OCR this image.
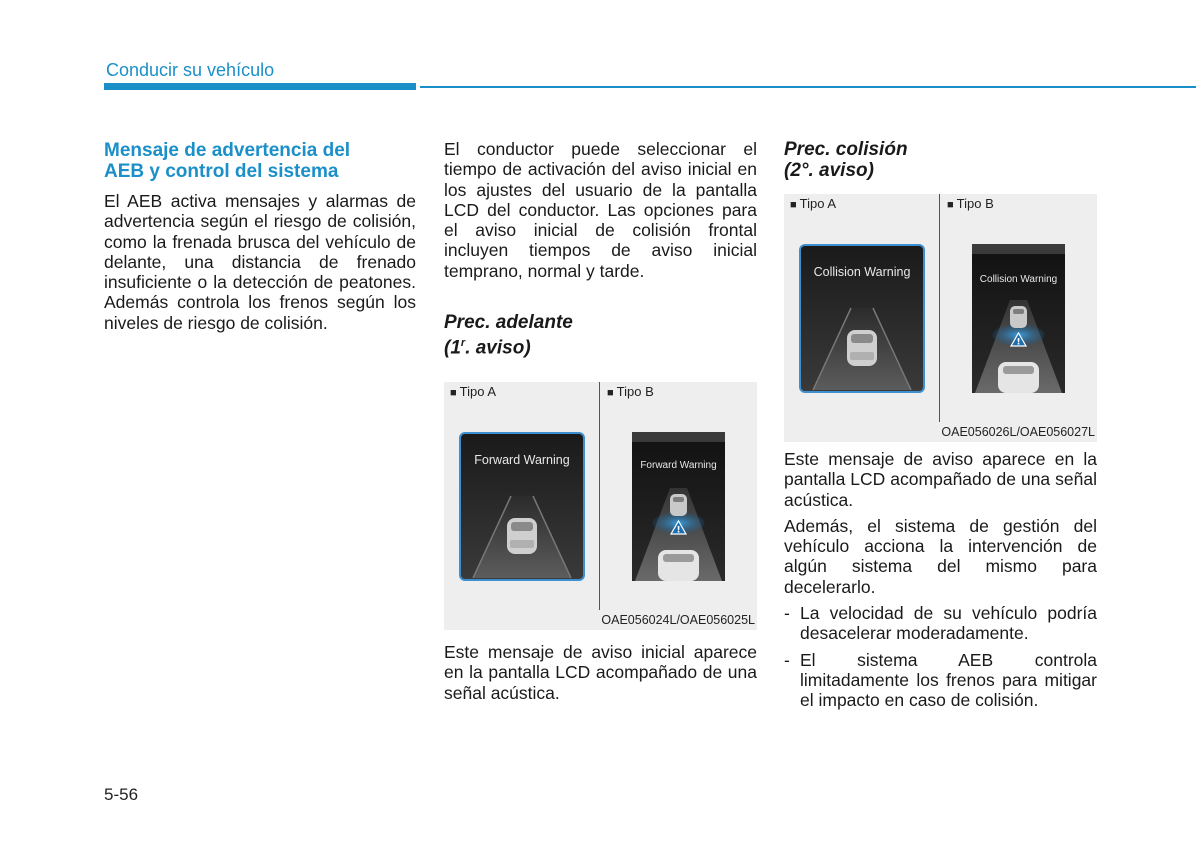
Conducir su vehículo
Mensaje de advertencia del
AEB y control del sistema

El AEB activa mensajes y alarmas de advertencia según el riesgo de colisión, como la frenada brusca del vehículo de delante, una distancia de frenado insuficiente o la detección de peatones. Además controla los frenos según los niveles de riesgo de colisión.

El conductor puede seleccionar el tiempo de activación del aviso inicial en los ajustes del usuario de la pantalla LCD del conductor. Las opciones para el aviso inicial de colisión frontal incluyen tiempos de aviso inicial temprano, normal y tarde.

Prec. adelante
(1$^r$. aviso)
■ Tipo A	■ Tipo B
Forward Warning
!
Forward Warning
OAE056024L/OAE056025L

Este mensaje de aviso inicial aparece en la pantalla LCD acompañado de una señal acústica.

Prec. colisión
(2°. aviso)
■ Tipo A	■ Tipo B
Collision Warning
!
Collision Warning
OAE056026L/OAE056027L

Este mensaje de aviso aparece en la pantalla LCD acompañado de una señal acústica.

Además, el sistema de gestión del vehículo acciona la intervención de algún sistema del mismo para decelerarlo.

- La velocidad de su vehículo podría desacelerar moderadamente.
- El sistema AEB controla limitadamente los frenos para mitigar el impacto en caso de colisión.
5-56
